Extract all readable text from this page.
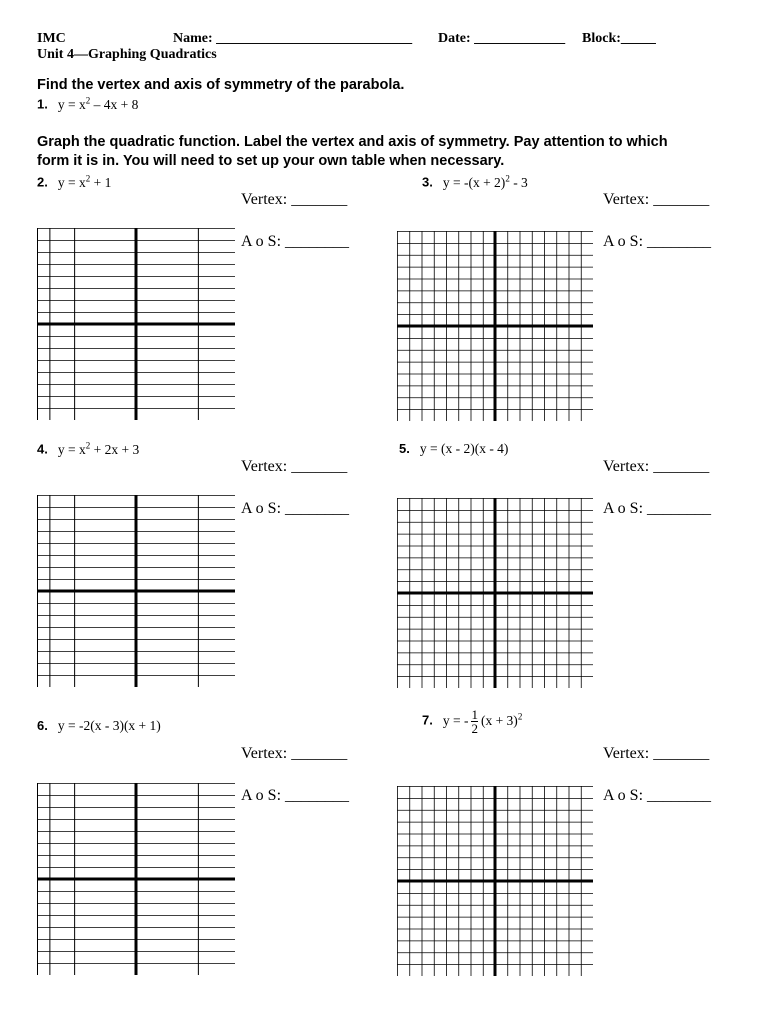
IMC	Name: ____________________________ Date: _____________ Block:_____
Unit 4—Graphing Quadratics
Find the vertex and axis of symmetry of the parabola.
1. $y = x^2 - 4x + 8$
Graph the quadratic function. Label the vertex and axis of symmetry. Pay attention to which
form it is in. You will need to set up your own table when necessary.
2. $y = x^2 + 1$
Vertex: _______
A o S: ________
3. $y = -(x + 2)^2 - 3$
Vertex: _______
A o S: ________
4. $y = x^2 + 2x + 3$
Vertex: _______
A o S: ________
5. y = (x - 2)(x - 4)
Vertex: _______
A o S: ________
6. y = -2(x - 3)(x + 1)
Vertex: _______
A o S: ________
7. y = - $\frac{1}{2} (x + 3)^2$
Vertex: _______
A o S: ________
